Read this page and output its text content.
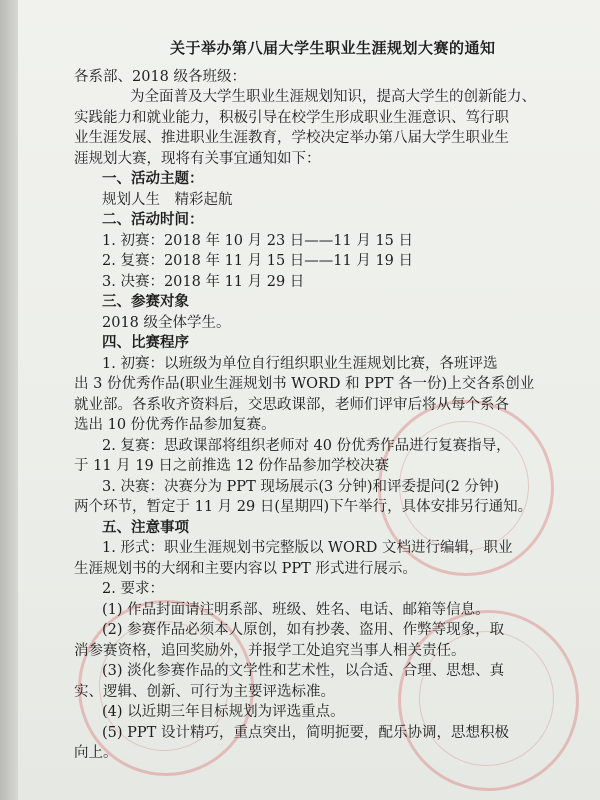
关于举办第八届大学生职业生涯规划大赛的通知
各系部、2018 级各班级：
为全面普及大学生职业生涯规划知识，提高大学生的创新能力、
实践能力和就业能力，积极引导在校学生形成职业生涯意识、笃行职
业生涯发展、推进职业生涯教育，学校决定举办第八届大学生职业生
涯规划大赛，现将有关事宜通知如下：
一、活动主题：
规划人生　精彩起航
二、活动时间：
1. 初赛：2018 年 10 月 23 日——11 月 15 日
2. 复赛：2018 年 11 月 15 日——11 月 19 日
3. 决赛：2018 年 11 月 29 日
三、参赛对象
2018 级全体学生。
四、比赛程序
1. 初赛：以班级为单位自行组织职业生涯规划比赛，各班评选
出 3 份优秀作品(职业生涯规划书 WORD 和 PPT 各一份)上交各系创业
就业部。各系收齐资料后，交思政课部，老师们评审后将从每个系各
选出 10 份优秀作品参加复赛。
2. 复赛：思政课部将组织老师对 40 份优秀作品进行复赛指导，
于 11 月 19 日之前推选 12 份作品参加学校决赛
3. 决赛：决赛分为 PPT 现场展示(3 分钟)和评委提问(2 分钟)
两个环节，暂定于 11 月 29 日(星期四)下午举行，具体安排另行通知。
五、注意事项
1. 形式：职业生涯规划书完整版以 WORD 文档进行编辑，职业
生涯规划书的大纲和主要内容以 PPT 形式进行展示。
2. 要求：
(1) 作品封面请注明系部、班级、姓名、电话、邮箱等信息。
(2) 参赛作品必须本人原创，如有抄袭、盗用、作弊等现象，取
消参赛资格，追回奖励外，并报学工处追究当事人相关责任。
(3) 淡化参赛作品的文学性和艺术性，以合适、合理、思想、真
实、逻辑、创新、可行为主要评选标准。
(4) 以近期三年目标规划为评选重点。
(5) PPT 设计精巧，重点突出，简明扼要，配乐协调，思想积极
向上。
